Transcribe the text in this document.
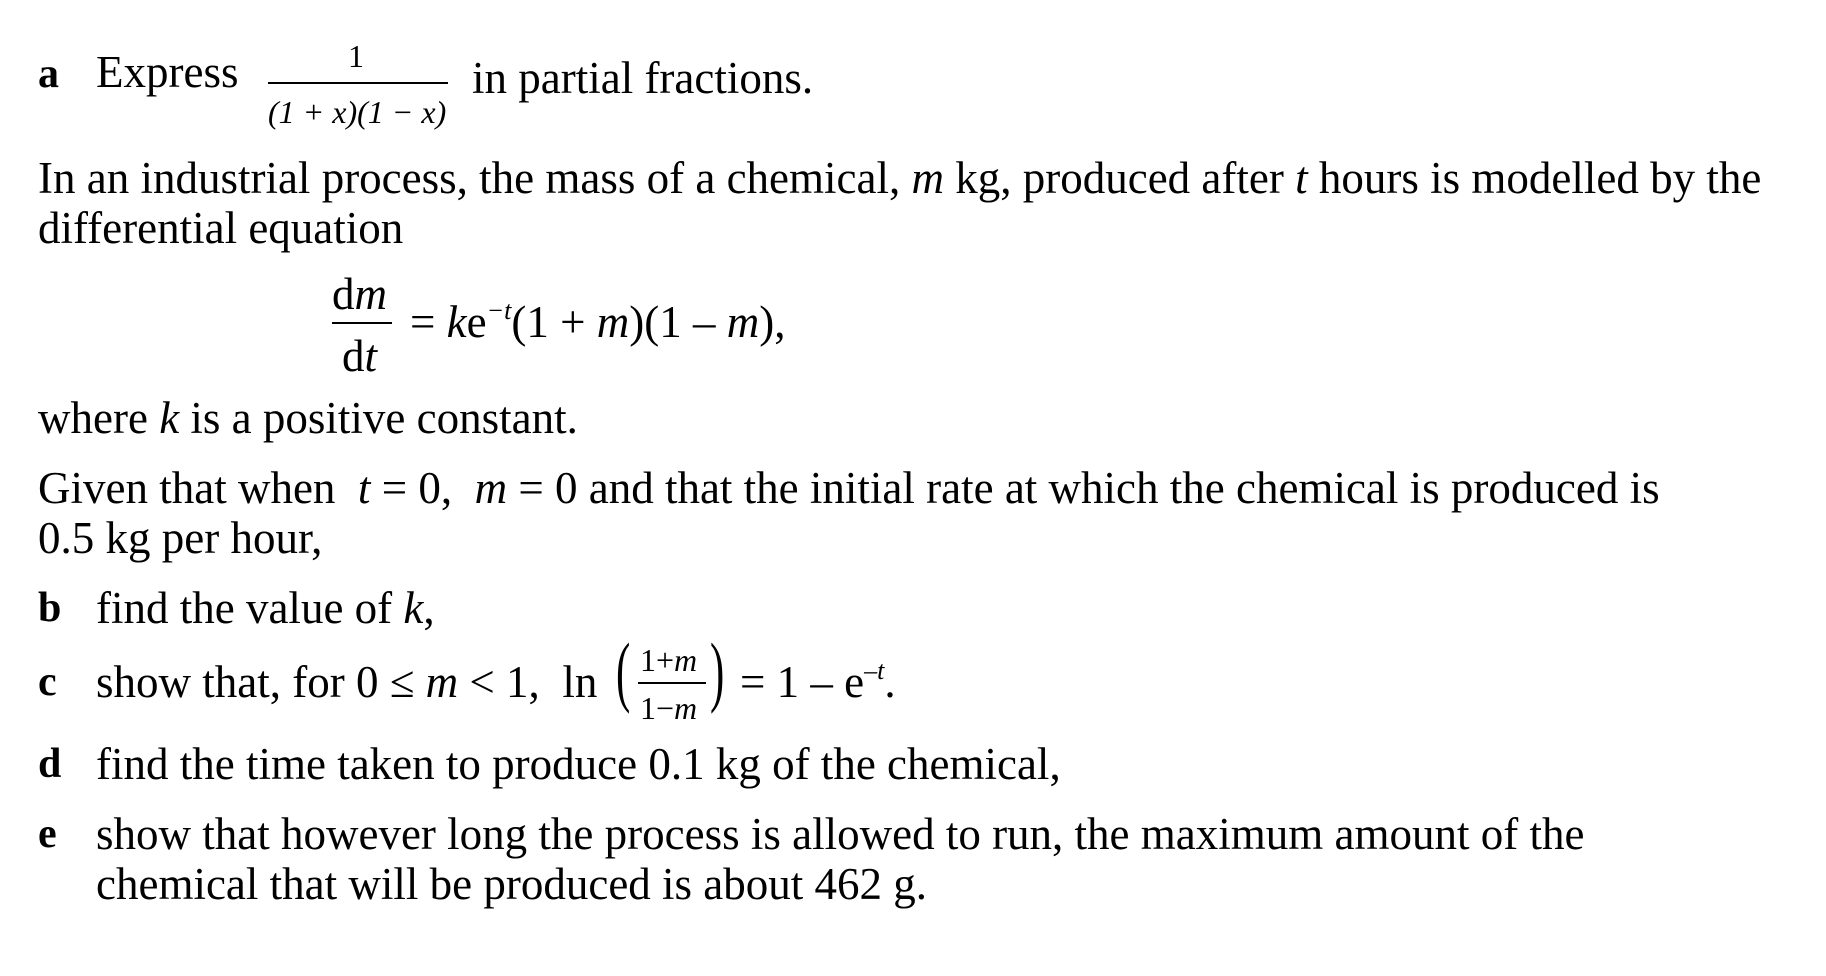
a Express	1
(1 + x)(1 − x)
in partial fractions.
In an industrial process, the mass of a chemical, m kg, produced after t hours is modelled by the
differential equation
dm
dt
= $ke^{-t}(1 + m)(1 - m)$,
where k is a positive constant.
Given that when  t = 0,  m = 0 and that the initial rate at which the chemical is produced is
0.5 kg per hour,
b find the value of k,
c show that, for 0 ≤ m < 1,  ln ( 1+m
1−m ) = $1 - e^{-t}$.
d find the time taken to produce 0.1 kg of the chemical,
e show that however long the process is allowed to run, the maximum amount of the
chemical that will be produced is about 462 g.
